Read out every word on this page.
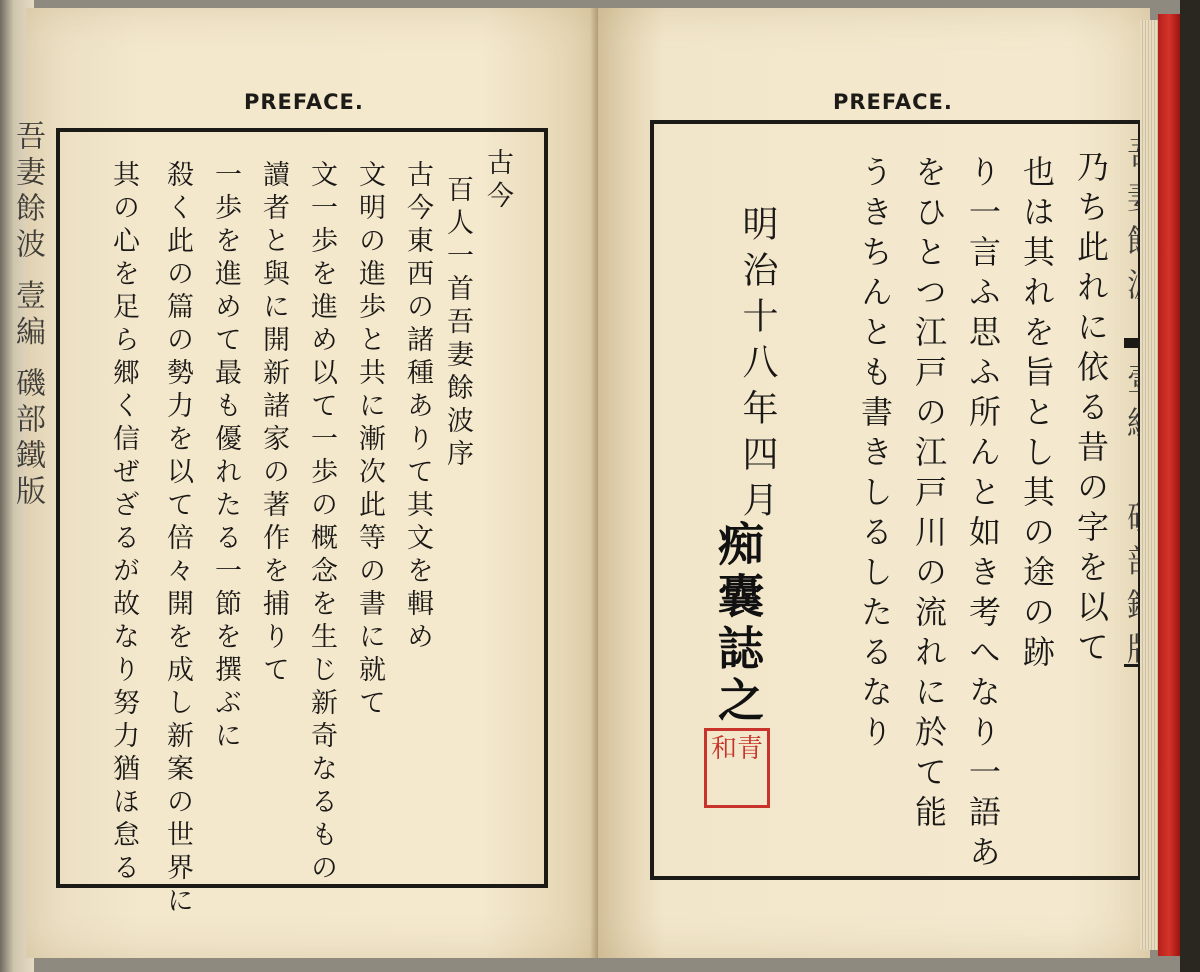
吾妻餘波 壹編 磯部鐵版
PREFACE.
古今
百人一首吾妻餘波序
古今東西の諸種ありて其文を輯め
文明の進歩と共に漸次此等の書に就て
文一歩を進め以て一歩の概念を生じ新奇なるもの
讀者と與に開新諸家の著作を捕りて
一歩を進めて最も優れたる一節を撰ぶに
殺く此の篇の勢力を以て倍々開を成し新案の世界に
其の心を足ら郷く信ぜざるが故なり努力猶ほ怠る
PREFACE.
乃ち此れに依る昔の字を以て
也は其れを旨とし其の途の跡
り一言ふ思ふ所んと如き考へなり一語あ
をひとつ江戸の江戸川の流れに於て能
うきちんとも書きしるしたるなり
明治十八年四月
痴囊誌之
和青
